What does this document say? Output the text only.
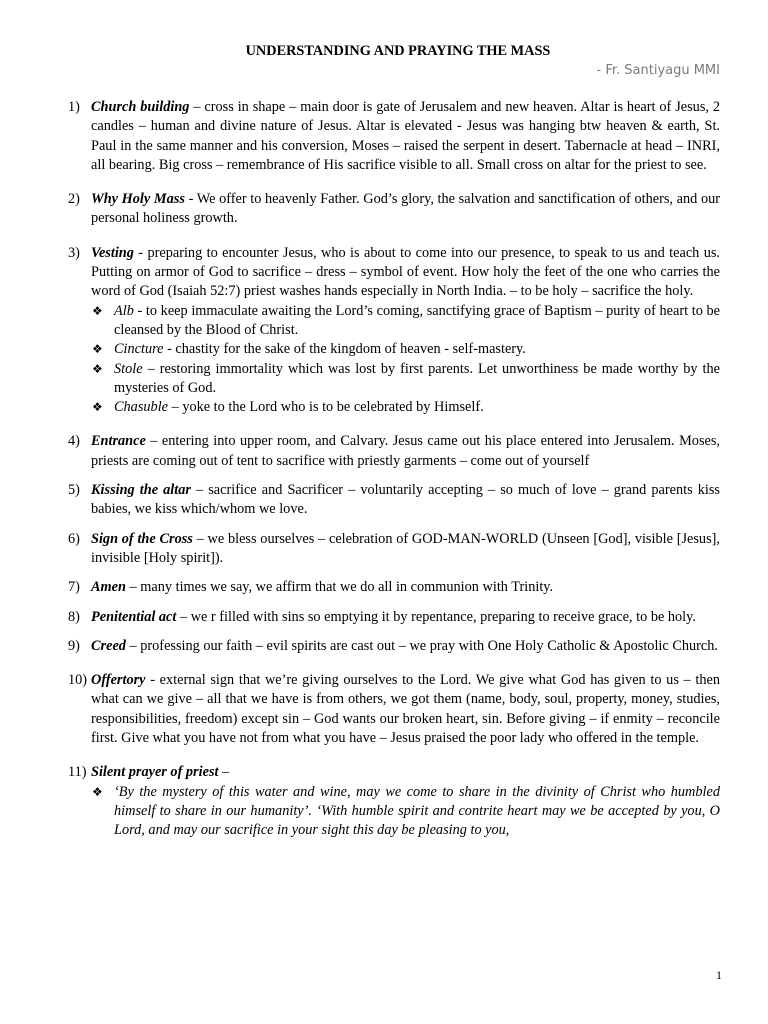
UNDERSTANDING AND PRAYING THE MASS
- Fr. Santiyagu MMI
1) Church building – cross in shape – main door is gate of Jerusalem and new heaven. Altar is heart of Jesus, 2 candles – human and divine nature of Jesus. Altar is elevated - Jesus was hanging btw heaven & earth, St. Paul in the same manner and his conversion, Moses – raised the serpent in desert. Tabernacle at head – INRI, all bearing. Big cross – remembrance of His sacrifice visible to all. Small cross on altar for the priest to see.
2) Why Holy Mass - We offer to heavenly Father. God’s glory, the salvation and sanctification of others, and our personal holiness growth.
3) Vesting - preparing to encounter Jesus, who is about to come into our presence, to speak to us and teach us. Putting on armor of God to sacrifice – dress – symbol of event. How holy the feet of the one who carries the word of God (Isaiah 52:7) priest washes hands especially in North India. – to be holy – sacrifice the holy.
❖ Alb - to keep immaculate awaiting the Lord’s coming, sanctifying grace of Baptism – purity of heart to be cleansed by the Blood of Christ.
❖ Cincture - chastity for the sake of the kingdom of heaven - self-mastery.
❖ Stole – restoring immortality which was lost by first parents. Let unworthiness be made worthy by the mysteries of God.
❖ Chasuble – yoke to the Lord who is to be celebrated by Himself.
4) Entrance – entering into upper room, and Calvary. Jesus came out his place entered into Jerusalem. Moses, priests are coming out of tent to sacrifice with priestly garments – come out of yourself
5) Kissing the altar – sacrifice and Sacrificer – voluntarily accepting – so much of love – grand parents kiss babies, we kiss which/whom we love.
6) Sign of the Cross – we bless ourselves – celebration of GOD-MAN-WORLD (Unseen [God], visible [Jesus], invisible [Holy spirit]).
7) Amen – many times we say, we affirm that we do all in communion with Trinity.
8) Penitential act – we r filled with sins so emptying it by repentance, preparing to receive grace, to be holy.
9) Creed – professing our faith – evil spirits are cast out – we pray with One Holy Catholic & Apostolic Church.
10) Offertory - external sign that we’re giving ourselves to the Lord. We give what God has given to us – then what can we give – all that we have is from others, we got them (name, body, soul, property, money, studies, responsibilities, freedom) except sin – God wants our broken heart, sin. Before giving – if enmity – reconcile first. Give what you have not from what you have – Jesus praised the poor lady who offered in the temple.
11) Silent prayer of priest –
❖ ‘By the mystery of this water and wine, may we come to share in the divinity of Christ who humbled himself to share in our humanity’. ‘With humble spirit and contrite heart may we be accepted by you, O Lord, and may our sacrifice in your sight this day be pleasing to you,
1
